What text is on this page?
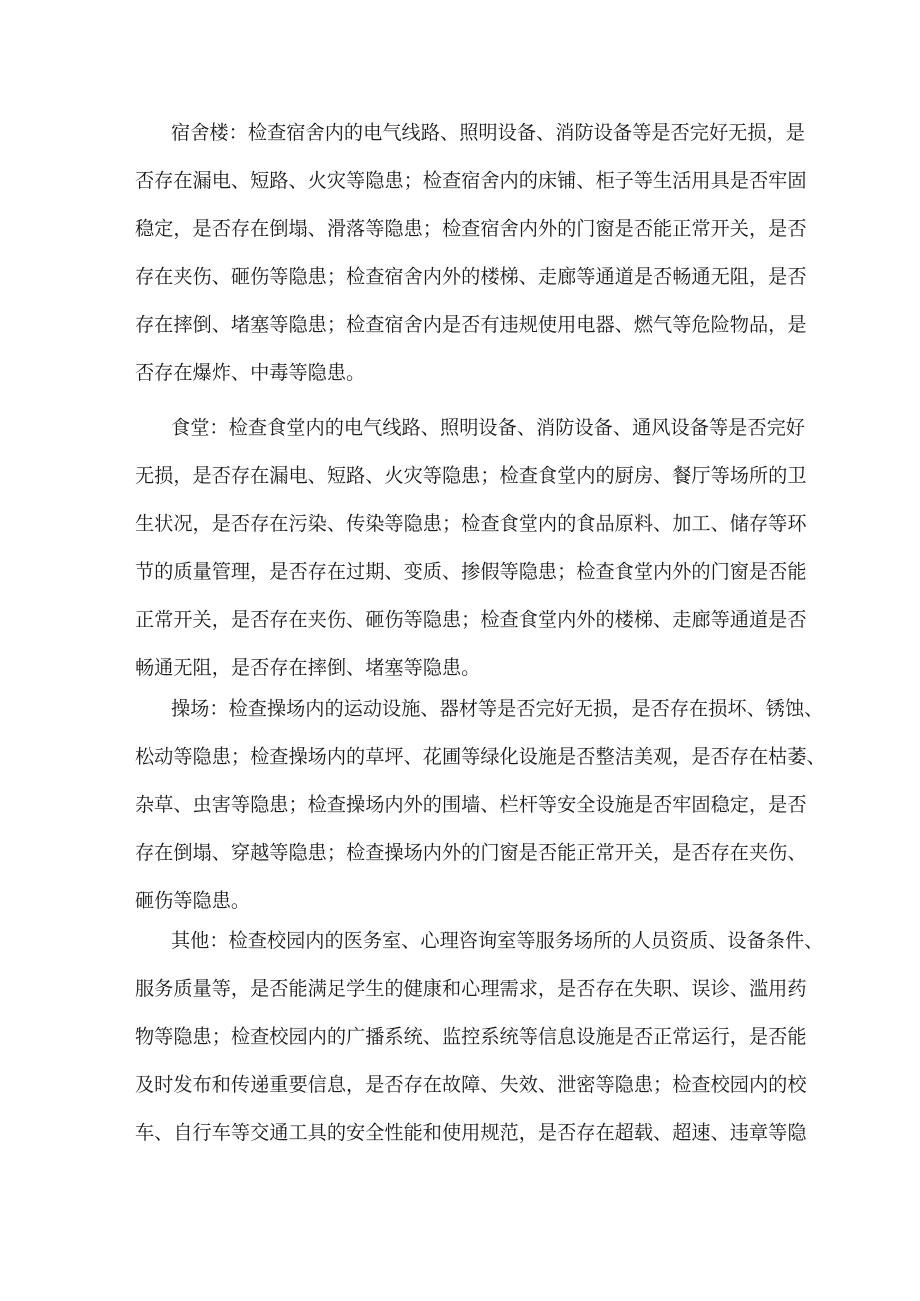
宿舍楼：检查宿舍内的电气线路、照明设备、消防设备等是否完好无损，是
否存在漏电、短路、火灾等隐患；检查宿舍内的床铺、柜子等生活用具是否牢固
稳定，是否存在倒塌、滑落等隐患；检查宿舍内外的门窗是否能正常开关，是否
存在夹伤、砸伤等隐患；检查宿舍内外的楼梯、走廊等通道是否畅通无阻，是否
存在摔倒、堵塞等隐患；检查宿舍内是否有违规使用电器、燃气等危险物品，是
否存在爆炸、中毒等隐患。
食堂：检查食堂内的电气线路、照明设备、消防设备、通风设备等是否完好
无损，是否存在漏电、短路、火灾等隐患；检查食堂内的厨房、餐厅等场所的卫
生状况，是否存在污染、传染等隐患；检查食堂内的食品原料、加工、储存等环
节的质量管理，是否存在过期、变质、掺假等隐患；检查食堂内外的门窗是否能
正常开关，是否存在夹伤、砸伤等隐患；检查食堂内外的楼梯、走廊等通道是否
畅通无阻，是否存在摔倒、堵塞等隐患。
操场：检查操场内的运动设施、器材等是否完好无损，是否存在损坏、锈蚀、
松动等隐患；检查操场内的草坪、花圃等绿化设施是否整洁美观，是否存在枯萎、
杂草、虫害等隐患；检查操场内外的围墙、栏杆等安全设施是否牢固稳定，是否
存在倒塌、穿越等隐患；检查操场内外的门窗是否能正常开关，是否存在夹伤、
砸伤等隐患。
其他：检查校园内的医务室、心理咨询室等服务场所的人员资质、设备条件、
服务质量等，是否能满足学生的健康和心理需求，是否存在失职、误诊、滥用药
物等隐患；检查校园内的广播系统、监控系统等信息设施是否正常运行，是否能
及时发布和传递重要信息，是否存在故障、失效、泄密等隐患；检查校园内的校
车、自行车等交通工具的安全性能和使用规范，是否存在超载、超速、违章等隐
